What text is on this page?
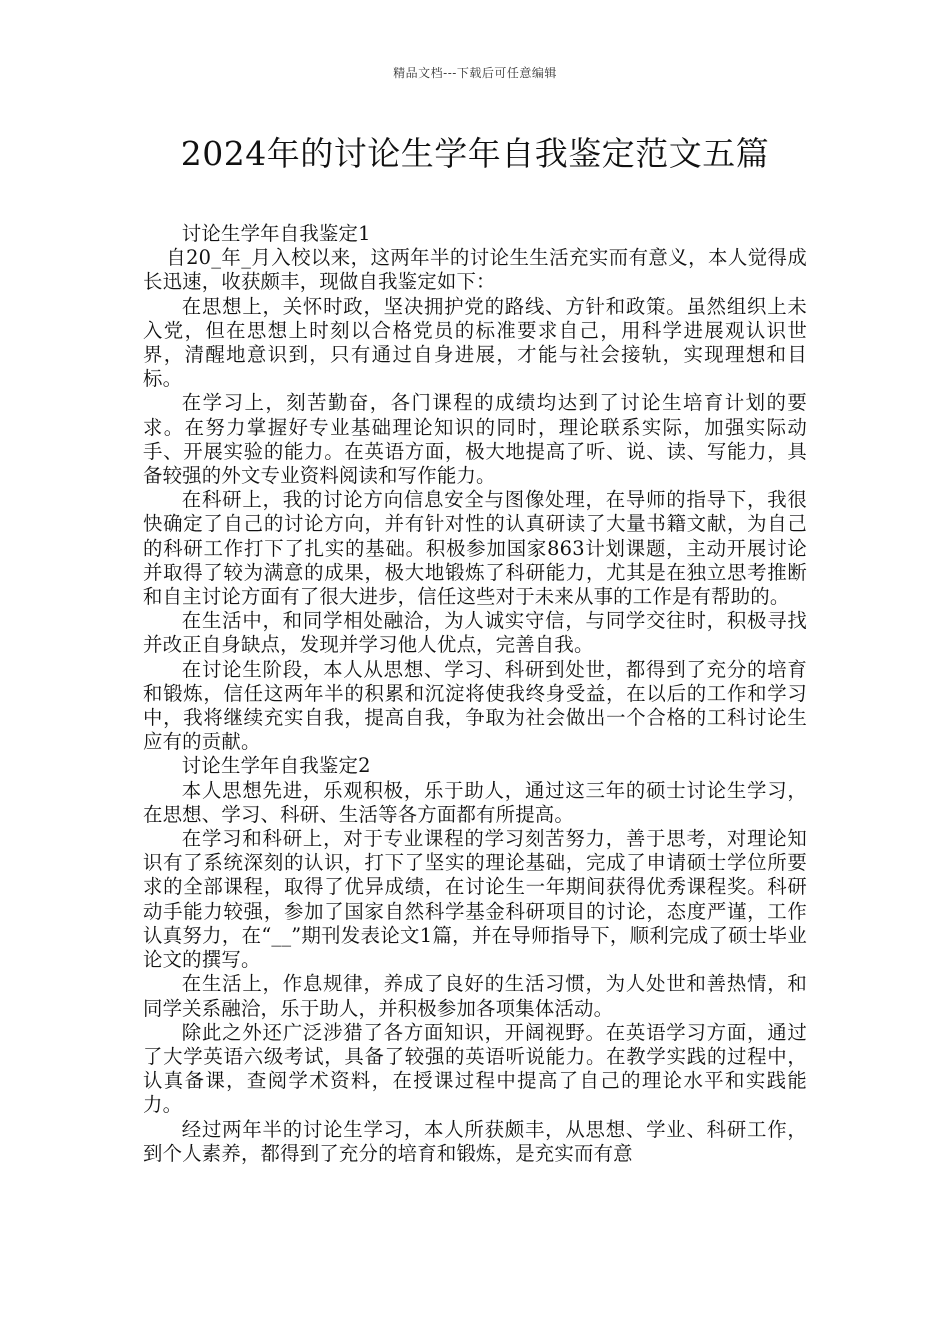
精品文档---下载后可任意编辑
2024年的讨论生学年自我鉴定范文五篇

讨论生学年自我鉴定1

自20_年_月入校以来，这两年半的讨论生生活充实而有意义，本人觉得成长迅速，收获颇丰，现做自我鉴定如下：

在思想上，关怀时政，坚决拥护党的路线、方针和政策。虽然组织上未入党，但在思想上时刻以合格党员的标准要求自己，用科学进展观认识世界，清醒地意识到，只有通过自身进展，才能与社会接轨，实现理想和目标。

在学习上，刻苦勤奋，各门课程的成绩均达到了讨论生培育计划的要求。在努力掌握好专业基础理论知识的同时，理论联系实际，加强实际动手、开展实验的能力。在英语方面，极大地提高了听、说、读、写能力，具备较强的外文专业资料阅读和写作能力。

在科研上，我的讨论方向信息安全与图像处理，在导师的指导下，我很快确定了自己的讨论方向，并有针对性的认真研读了大量书籍文献，为自己的科研工作打下了扎实的基础。积极参加国家863计划课题，主动开展讨论并取得了较为满意的成果，极大地锻炼了科研能力，尤其是在独立思考推断和自主讨论方面有了很大进步，信任这些对于未来从事的工作是有帮助的。

在生活中，和同学相处融洽，为人诚实守信，与同学交往时，积极寻找并改正自身缺点，发现并学习他人优点，完善自我。

在讨论生阶段，本人从思想、学习、科研到处世，都得到了充分的培育和锻炼，信任这两年半的积累和沉淀将使我终身受益，在以后的工作和学习中，我将继续充实自我，提高自我，争取为社会做出一个合格的工科讨论生应有的贡献。

讨论生学年自我鉴定2

本人思想先进，乐观积极，乐于助人，通过这三年的硕士讨论生学习，在思想、学习、科研、生活等各方面都有所提高。

在学习和科研上，对于专业课程的学习刻苦努力，善于思考，对理论知识有了系统深刻的认识，打下了坚实的理论基础，完成了申请硕士学位所要求的全部课程，取得了优异成绩，在讨论生一年期间获得优秀课程奖。科研动手能力较强，参加了国家自然科学基金科研项目的讨论，态度严谨，工作认真努力，在“__”期刊发表论文1篇，并在导师指导下，顺利完成了硕士毕业论文的撰写。

在生活上，作息规律，养成了良好的生活习惯，为人处世和善热情，和同学关系融洽，乐于助人，并积极参加各项集体活动。

除此之外还广泛涉猎了各方面知识，开阔视野。在英语学习方面，通过了大学英语六级考试，具备了较强的英语听说能力。在教学实践的过程中，认真备课，查阅学术资料，在授课过程中提高了自己的理论水平和实践能力。

经过两年半的讨论生学习，本人所获颇丰，从思想、学业、科研工作，到个人素养，都得到了充分的培育和锻炼，是充实而有意
